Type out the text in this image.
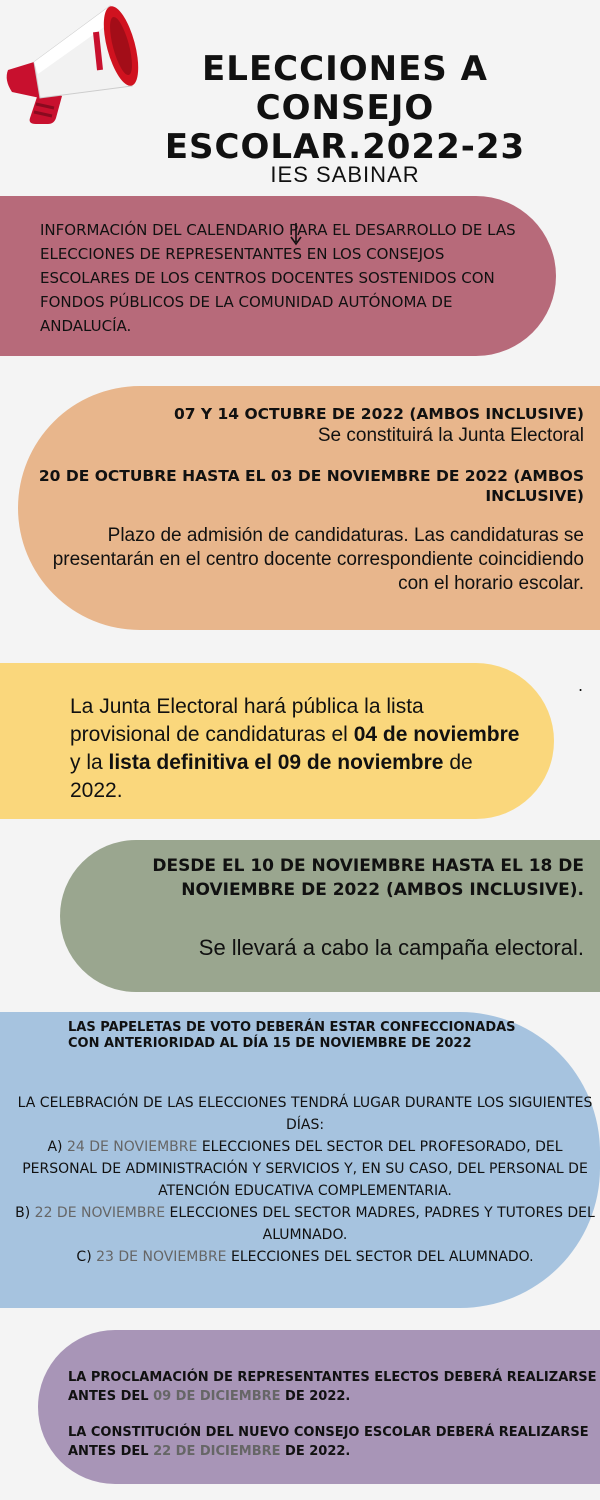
ELECCIONES A
CONSEJO
ESCOLAR.2022-23
IES SABINAR
INFORMACIÓN DEL CALENDARIO PARA EL DESARROLLO DE LAS ELECCIONES DE REPRESENTANTES EN LOS CONSEJOS ESCOLARES DE LOS CENTROS DOCENTES SOSTENIDOS CON FONDOS PÚBLICOS DE LA COMUNIDAD AUTÓNOMA DE ANDALUCÍA.
07 Y 14 OCTUBRE DE 2022 (AMBOS INCLUSIVE)
Se constituirá la Junta Electoral
20 DE OCTUBRE HASTA EL 03 DE NOVIEMBRE DE 2022 (AMBOS INCLUSIVE)
Plazo de admisión de candidaturas. Las candidaturas se presentarán en el centro docente correspondiente coincidiendo con el horario escolar.
La Junta Electoral hará pública la lista provisional de candidaturas el 04 de noviembre y la lista definitiva el 09 de noviembre de 2022.
.
DESDE EL 10 DE NOVIEMBRE HASTA EL 18 DE NOVIEMBRE DE 2022 (AMBOS INCLUSIVE).
Se llevará a cabo la campaña electoral.
LAS PAPELETAS DE VOTO DEBERÁN ESTAR CONFECCIONADAS CON ANTERIORIDAD AL DÍA 15 DE NOVIEMBRE DE 2022
LA CELEBRACIÓN DE LAS ELECCIONES TENDRÁ LUGAR DURANTE LOS SIGUIENTES DÍAS:
A) 24 DE NOVIEMBRE ELECCIONES DEL SECTOR DEL PROFESORADO, DEL PERSONAL DE ADMINISTRACIÓN Y SERVICIOS Y, EN SU CASO, DEL PERSONAL DE ATENCIÓN EDUCATIVA COMPLEMENTARIA.
B) 22 DE NOVIEMBRE ELECCIONES DEL SECTOR MADRES, PADRES Y TUTORES DEL ALUMNADO.
C) 23 DE NOVIEMBRE ELECCIONES DEL SECTOR DEL ALUMNADO.

LA PROCLAMACIÓN DE REPRESENTANTES ELECTOS DEBERÁ REALIZARSE ANTES DEL 09 DE DICIEMBRE DE 2022.

LA CONSTITUCIÓN DEL NUEVO CONSEJO ESCOLAR DEBERÁ REALIZARSE ANTES DEL 22 DE DICIEMBRE DE 2022.
